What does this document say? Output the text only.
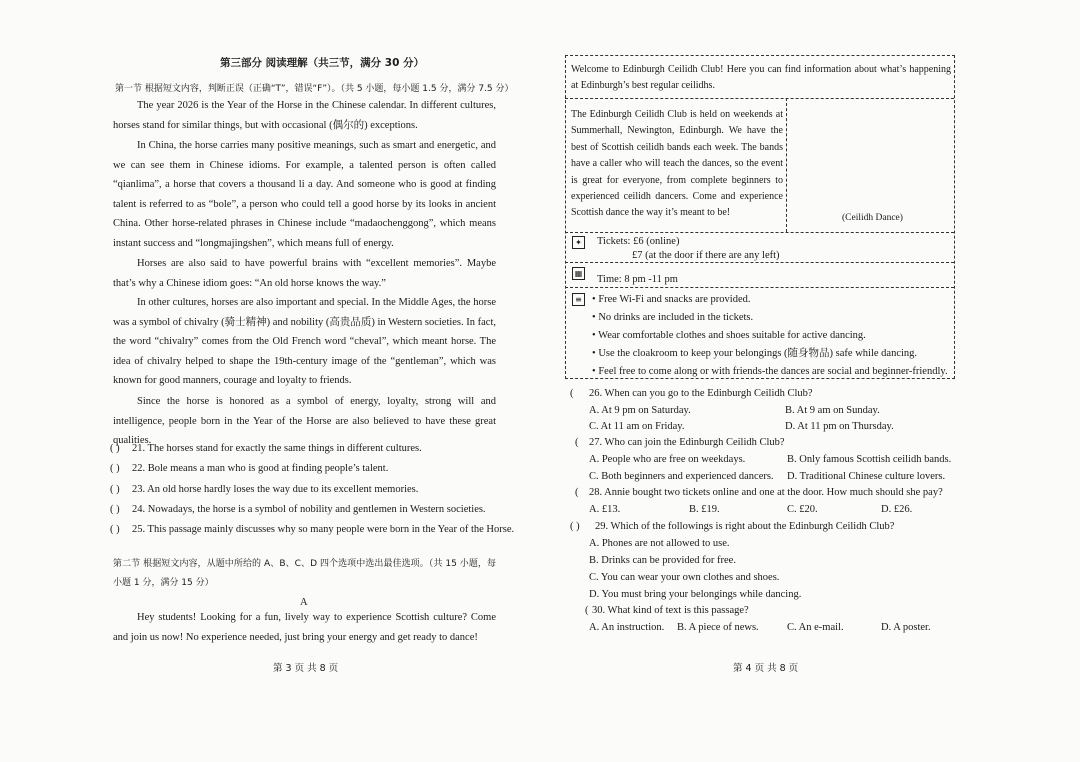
第三部分 阅读理解（共三节，满分 30 分）
第一节 根据短文内容，判断正误（正确“T”，错误“F”）。（共 5 小题，每小题 1.5 分，满分 7.5 分）
The year 2026 is the Year of the Horse in the Chinese calendar. In different cultures, horses stand for similar things, but with occasional (偶尔的) exceptions.
In China, the horse carries many positive meanings, such as smart and energetic, and we can see them in Chinese idioms. For example, a talented person is often called “qianlima”, a horse that covers a thousand li a day. And someone who is good at finding talent is referred to as “bole”, a person who could tell a good horse by its looks in ancient China. Other horse-related phrases in Chinese include “madaochenggong”, which means instant success and “longmajingshen”, which means full of energy.
Horses are also said to have powerful brains with “excellent memories”. Maybe that’s why a Chinese idiom goes: “An old horse knows the way.”
In other cultures, horses are also important and special. In the Middle Ages, the horse was a symbol of chivalry (骑士精神) and nobility (高贵品质) in Western societies. In fact, the word “chivalry” comes from the Old French word “cheval”, which meant horse. The idea of chivalry helped to shape the 19th-century image of the “gentleman”, which was known for good manners, courage and loyalty to friends.
Since the horse is honored as a symbol of energy, loyalty, strong will and intelligence, people born in the Year of the Horse are also believed to have these great qualities.
( ) 21. The horses stand for exactly the same things in different cultures.
( ) 22. Bole means a man who is good at finding people’s talent.
( ) 23. An old horse hardly loses the way due to its excellent memories.
( ) 24. Nowadays, the horse is a symbol of nobility and gentlemen in Western societies.
( ) 25. This passage mainly discusses why so many people were born in the Year of the Horse.
第二节 根据短文内容，从题中所给的 A、B、C、D 四个选项中选出最佳选项。（共 15 小题，每小题 1 分，满分 15 分）
A
Hey students! Looking for a fun, lively way to experience Scottish culture? Come and join us now! No experience needed, just bring your energy and get ready to dance!
第 3 页 共 8 页
Welcome to Edinburgh Ceilidh Club! Here you can find information about what’s happening at Edinburgh’s best regular ceilidhs.
The Edinburgh Ceilidh Club is held on weekends at Summerhall, Newington, Edinburgh. We have the best of Scottish ceilidh bands each week. The bands have a caller who will teach the dances, so the event is great for everyone, from complete beginners to experienced ceilidh dancers. Come and experience Scottish dance the way it’s meant to be!	(Ceilidh Dance)
✦	Tickets: £6 (online)
£7 (at the door if there are any left)
▦
Time: 8 pm -11 pm
≡ • Free Wi-Fi and snacks are provided.
• No drinks are included in the tickets.
• Wear comfortable clothes and shoes suitable for active dancing.
• Use the cloakroom to keep your belongings (随身物品) safe while dancing.
• Feel free to come along or with friends-the dances are social and beginner-friendly.
( 26. When can you go to the Edinburgh Ceilidh Club?
A. At 9 pm on Saturday.	B. At 9 am on Sunday.
C. At 11 am on Friday.	D. At 11 pm on Thursday.
( 27. Who can join the Edinburgh Ceilidh Club?
A. People who are free on weekdays.	B. Only famous Scottish ceilidh bands.
C. Both beginners and experienced dancers. D. Traditional Chinese culture lovers.
( 28. Annie bought two tickets online and one at the door. How much should she pay?
A. £13.	B. £19.	C. £20.	D. £26.
( ) 29. Which of the followings is right about the Edinburgh Ceilidh Club?
A. Phones are not allowed to use.
B. Drinks can be provided for free.
C. You can wear your own clothes and shoes.
D. You must bring your belongings while dancing.
( 30. What kind of text is this passage?
A. An instruction. B. A piece of news.	C. An e-mail.	D. A poster.
第 4 页 共 8 页
